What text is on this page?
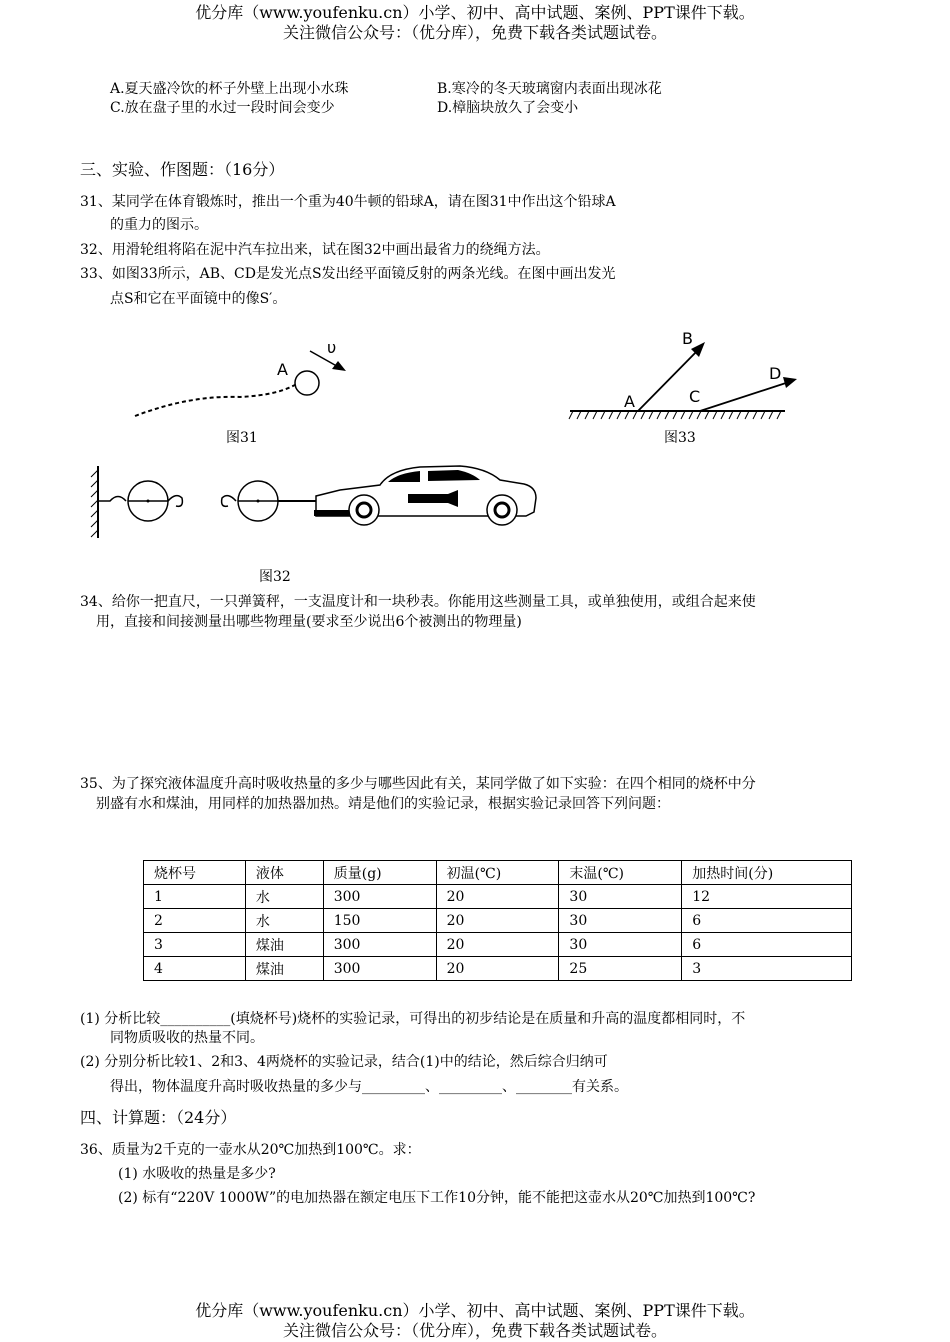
优分库（www.youfenku.cn）小学、初中、高中试题、案例、PPT课件下载。
关注微信公众号：（优分库），免费下载各类试题试卷。
A.夏天盛冷饮的杯子外壁上出现小水珠	B.寒冷的冬天玻璃窗内表面出现冰花
C.放在盘子里的水过一段时间会变少	D.樟脑块放久了会变小
三、实验、作图题：（16分）
31、某同学在体育锻炼时，推出一个重为40牛顿的铅球A，请在图31中作出这个铅球A
的重力的图示。
32、用滑轮组将陷在泥中汽车拉出来，试在图32中画出最省力的绕绳方法。
33、如图33所示，AB、CD是发光点S发出经平面镜反射的两条光线。在图中画出发光
点S和它在平面镜中的像S′。
A
υ
图31
A
B
C
D
图33
图32
34、给你一把直尺，一只弹簧秤，一支温度计和一块秒表。你能用这些测量工具，或单独使用，或组合起来使
用，直接和间接测量出哪些物理量(要求至少说出6个被测出的物理量)
35、为了探究液体温度升高时吸收热量的多少与哪些因此有关，某同学做了如下实验：在四个相同的烧杯中分
别盛有水和煤油，用同样的加热器加热。靖是他们的实验记录，根据实验记录回答下列问题：
烧杯号	液体	质量(g)	初温(℃)	末温(℃)	加热时间(分)
1	水	300	20	30	12
2	水	150	20	30	6
3	煤油	300	20	30	6
4	煤油	300	20	25	3
(1) 分析比较__________(填烧杯号)烧杯的实验记录，可得出的初步结论是在质量和升高的温度都相同时，不
同物质吸收的热量不同。
(2) 分别分析比较1、2和3、4两烧杯的实验记录，结合(1)中的结论，然后综合归纳可
得出，物体温度升高时吸收热量的多少与_________、_________、________有关系。
四、计算题：（24分）
36、质量为2千克的一壶水从20℃加热到100℃。求：
(1) 水吸收的热量是多少?
(2) 标有“220V 1000W”的电加热器在额定电压下工作10分钟，能不能把这壶水从20℃加热到100℃?
优分库（www.youfenku.cn）小学、初中、高中试题、案例、PPT课件下载。
关注微信公众号：（优分库），免费下载各类试题试卷。
